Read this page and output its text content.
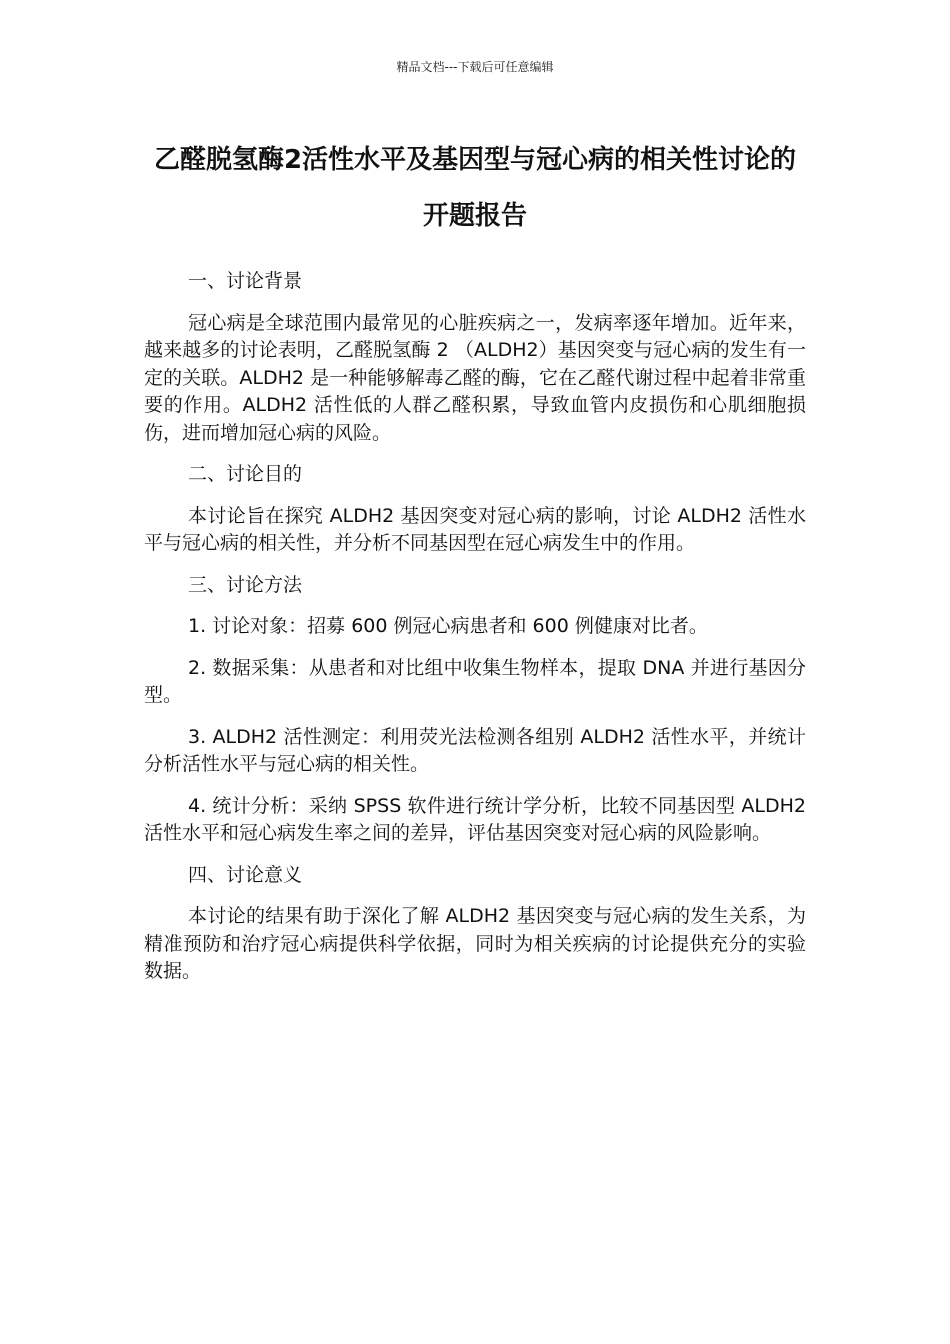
精品文档---下载后可任意编辑
乙醛脱氢酶2活性水平及基因型与冠心病的相关性讨论的开题报告
一、讨论背景
冠心病是全球范围内最常见的心脏疾病之一，发病率逐年增加。近年来，越来越多的讨论表明，乙醛脱氢酶 2 （ALDH2）基因突变与冠心病的发生有一定的关联。ALDH2 是一种能够解毒乙醛的酶，它在乙醛代谢过程中起着非常重要的作用。ALDH2 活性低的人群乙醛积累，导致血管内皮损伤和心肌细胞损伤，进而增加冠心病的风险。
二、讨论目的
本讨论旨在探究 ALDH2 基因突变对冠心病的影响，讨论 ALDH2 活性水平与冠心病的相关性，并分析不同基因型在冠心病发生中的作用。
三、讨论方法
1. 讨论对象：招募 600 例冠心病患者和 600 例健康对比者。
2. 数据采集：从患者和对比组中收集生物样本，提取 DNA 并进行基因分型。
3. ALDH2 活性测定：利用荧光法检测各组别 ALDH2 活性水平，并统计分析活性水平与冠心病的相关性。
4. 统计分析：采纳 SPSS 软件进行统计学分析，比较不同基因型 ALDH2 活性水平和冠心病发生率之间的差异，评估基因突变对冠心病的风险影响。
四、讨论意义
本讨论的结果有助于深化了解 ALDH2 基因突变与冠心病的发生关系，为精准预防和治疗冠心病提供科学依据，同时为相关疾病的讨论提供充分的实验数据。
